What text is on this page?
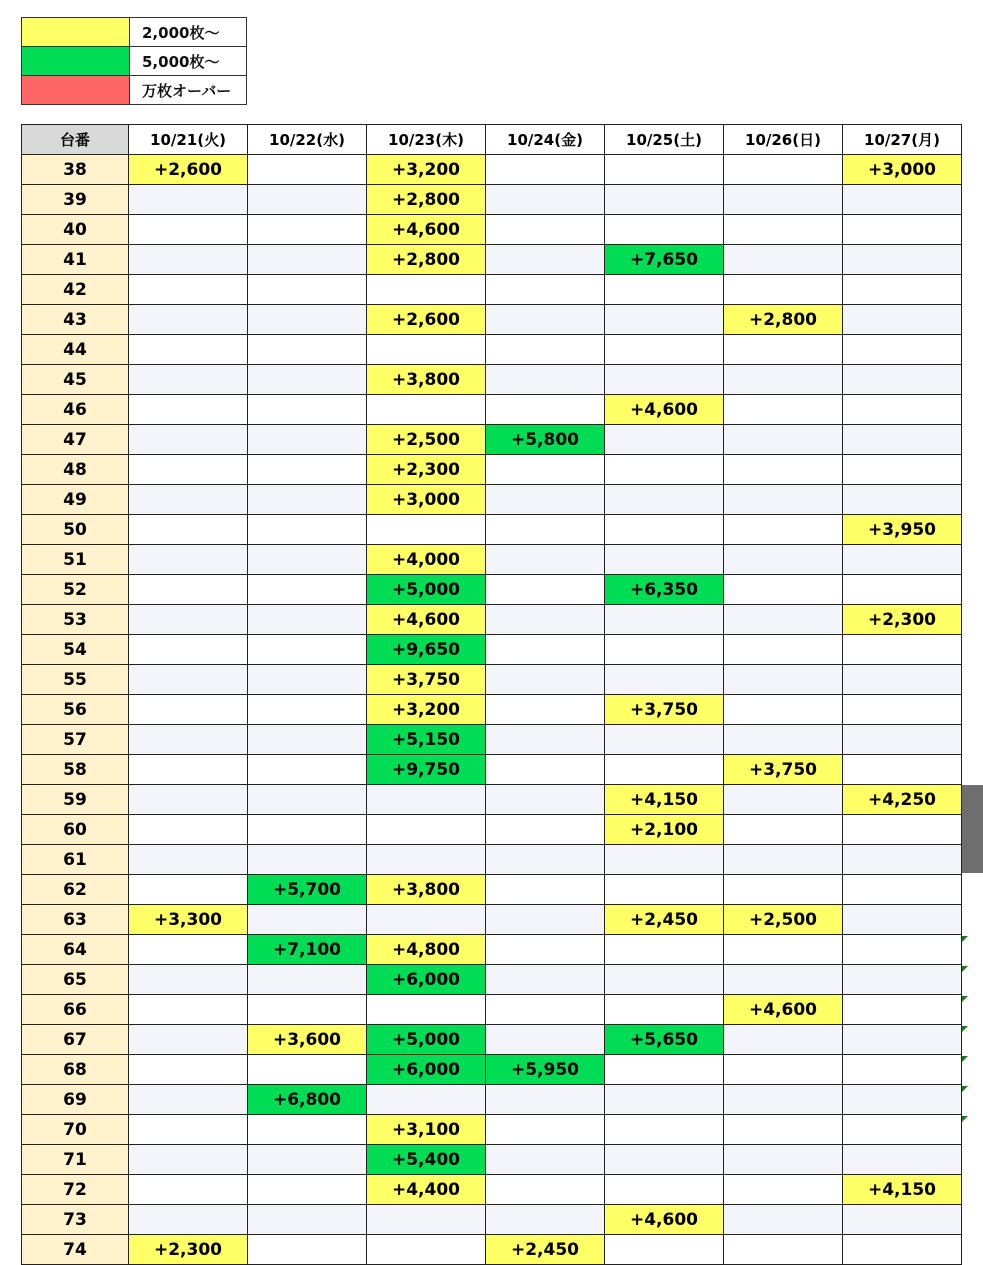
	2,000枚〜
	5,000枚〜
	万枚オーバー
台番	10/21(火)	10/22(水)	10/23(木)	10/24(金)	10/25(土)	10/26(日)	10/27(月)
38	+2,600		+3,200				+3,000
39			+2,800				
40			+4,600				
41			+2,800		+7,650		
42							
43			+2,600			+2,800	
44							
45			+3,800				
46					+4,600		
47			+2,500	+5,800			
48			+2,300				
49			+3,000				
50							+3,950
51			+4,000				
52			+5,000		+6,350		
53			+4,600				+2,300
54			+9,650				
55			+3,750				
56			+3,200		+3,750		
57			+5,150				
58			+9,750			+3,750	
59					+4,150		+4,250
60					+2,100		
61							
62		+5,700	+3,800				
63	+3,300				+2,450	+2,500	
64		+7,100	+4,800				
65			+6,000				
66						+4,600	
67		+3,600	+5,000		+5,650		
68			+6,000	+5,950			
69		+6,800					
70			+3,100				
71			+5,400				
72			+4,400				+4,150
73					+4,600		
74	+2,300			+2,450			
